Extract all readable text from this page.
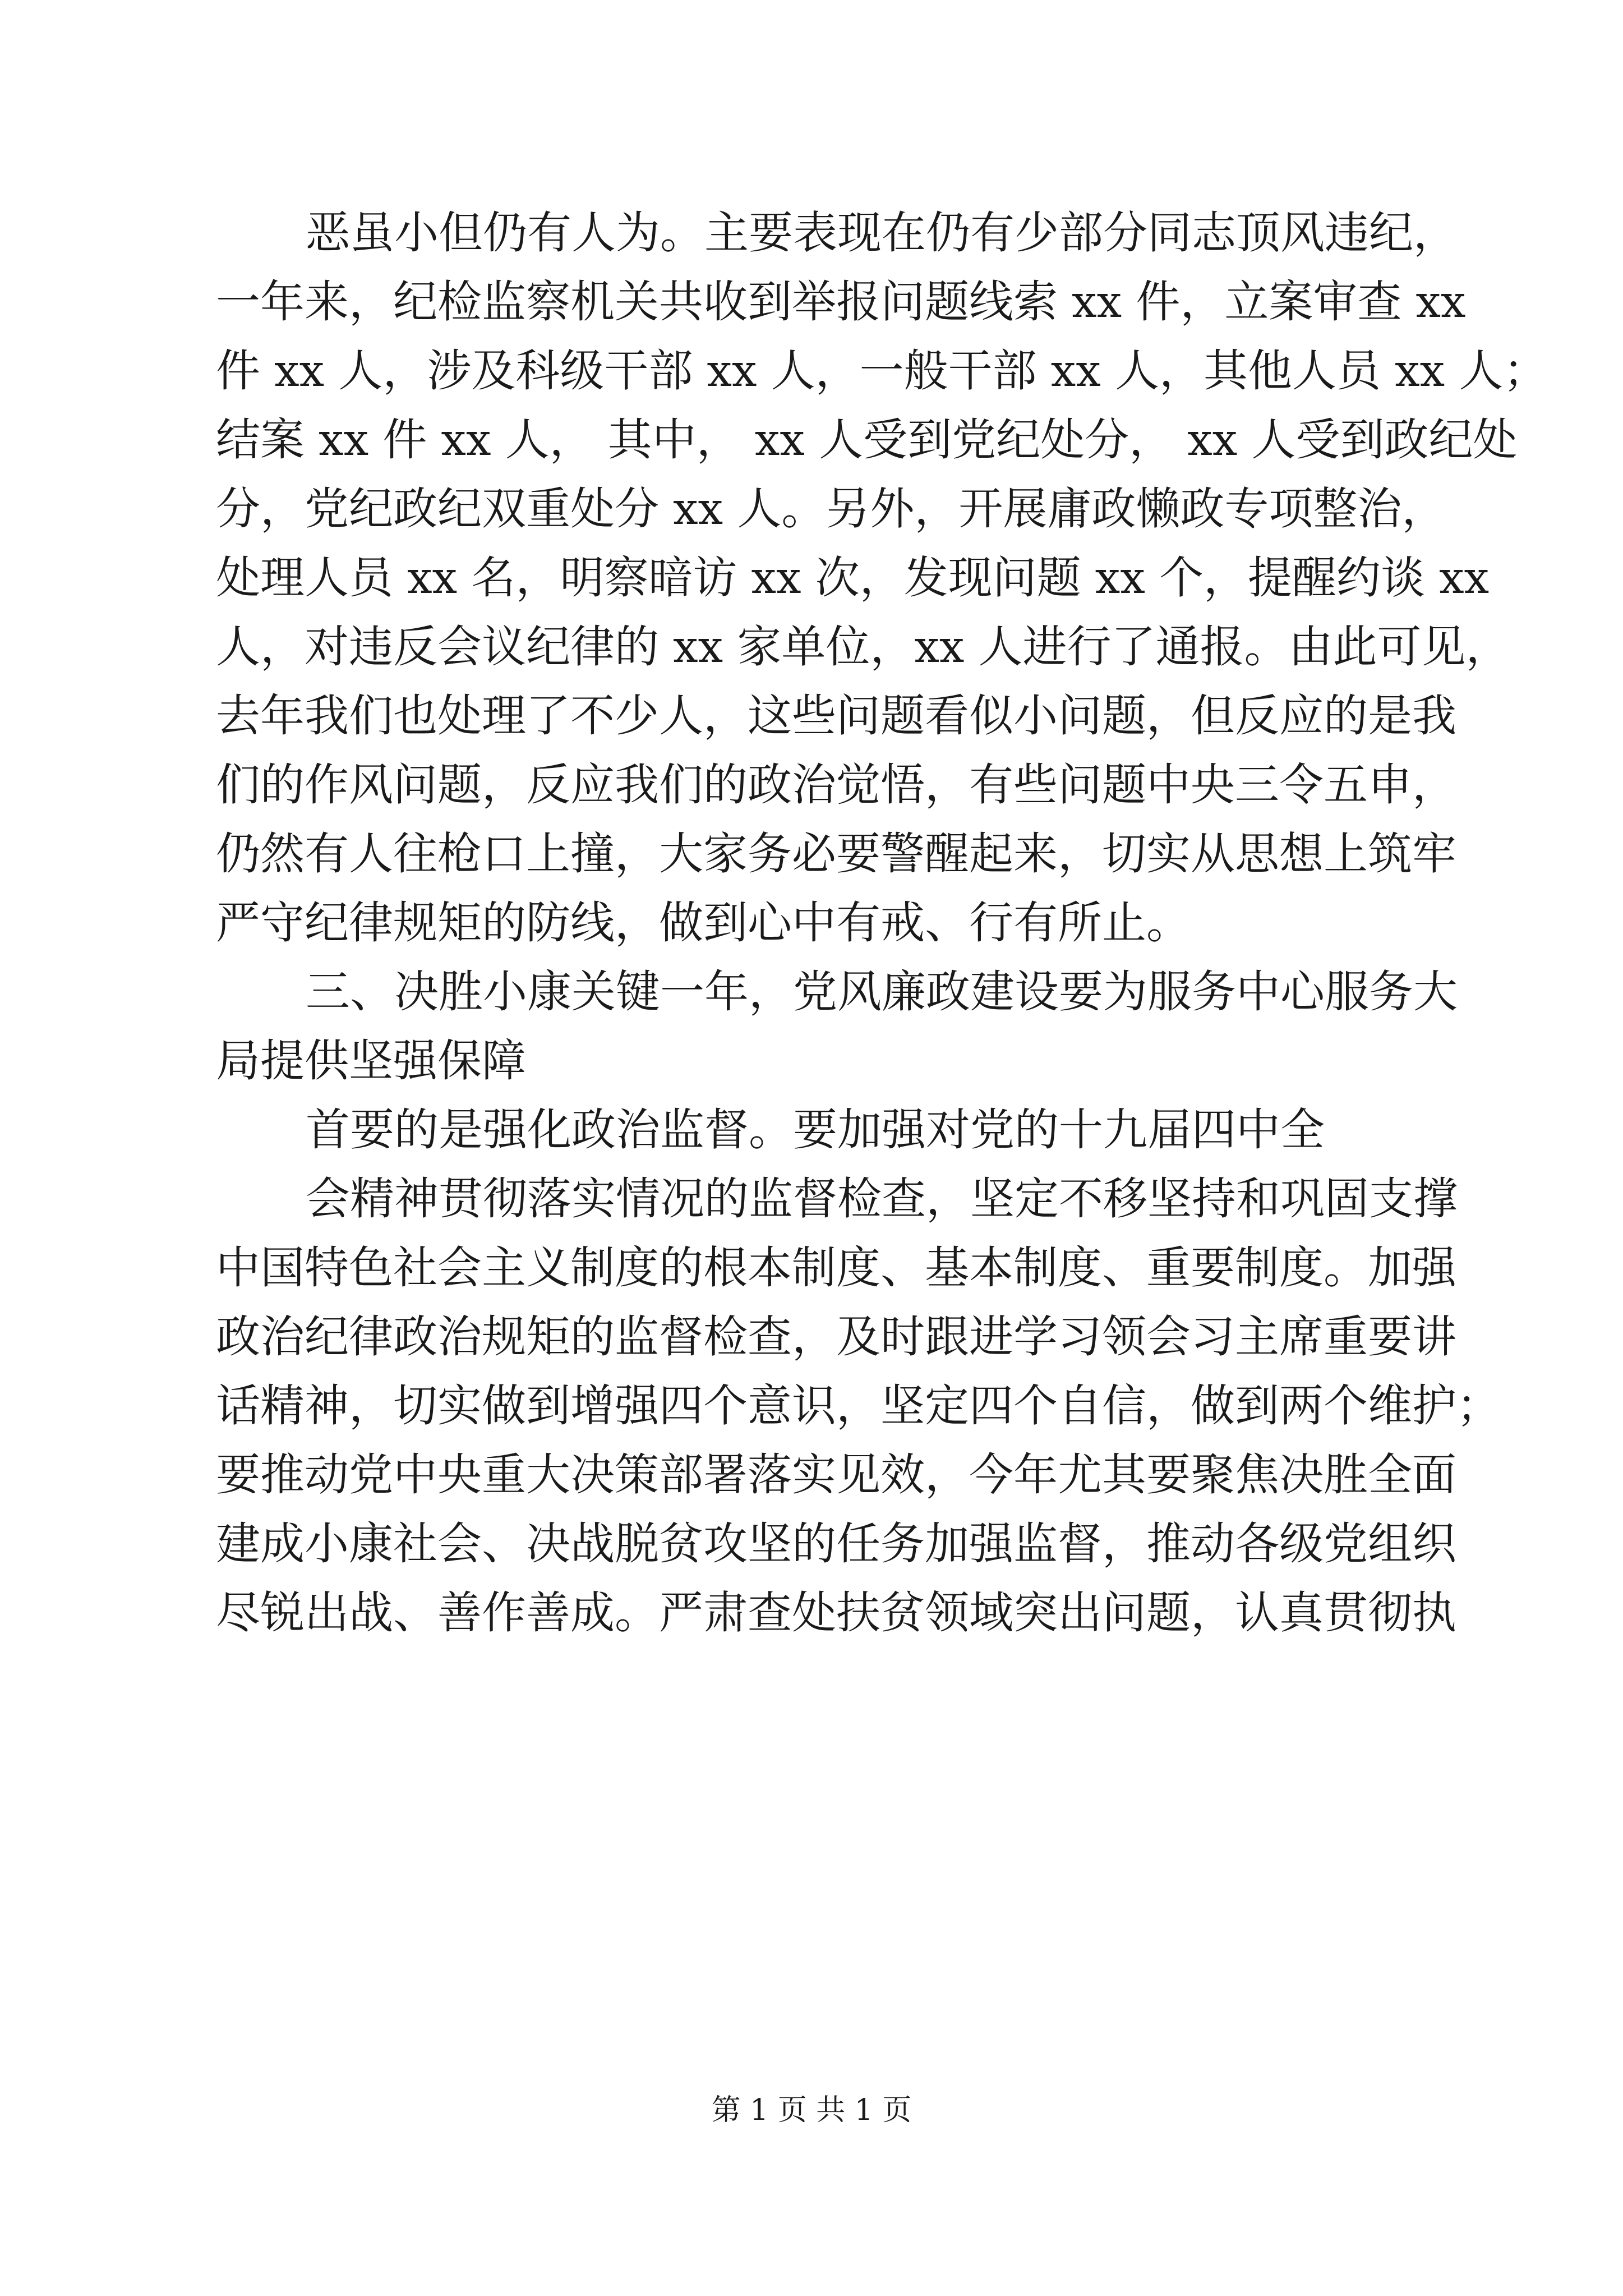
恶虽小但仍有人为。主要表现在仍有少部分同志顶风违纪，
一年来，纪检监察机关共收到举报问题线索 xx 件，立案审查 xx
件 xx 人，涉及科级干部 xx 人，一般干部 xx 人，其他人员 xx 人；
结案 xx 件 xx 人， 其中， xx 人受到党纪处分， xx 人受到政纪处
分，党纪政纪双重处分 xx 人。另外，开展庸政懒政专项整治，
处理人员 xx 名，明察暗访 xx 次，发现问题 xx 个，提醒约谈 xx
人，对违反会议纪律的 xx 家单位，xx 人进行了通报。由此可见，
去年我们也处理了不少人，这些问题看似小问题，但反应的是我
们的作风问题，反应我们的政治觉悟，有些问题中央三令五申，
仍然有人往枪口上撞，大家务必要警醒起来，切实从思想上筑牢
严守纪律规矩的防线，做到心中有戒、行有所止。
三、决胜小康关键一年，党风廉政建设要为服务中心服务大
局提供坚强保障
首要的是强化政治监督。要加强对党的十九届四中全
会精神贯彻落实情况的监督检查，坚定不移坚持和巩固支撑
中国特色社会主义制度的根本制度、基本制度、重要制度。加强
政治纪律政治规矩的监督检查，及时跟进学习领会习主席重要讲
话精神，切实做到增强四个意识，坚定四个自信，做到两个维护；
要推动党中央重大决策部署落实见效，今年尤其要聚焦决胜全面
建成小康社会、决战脱贫攻坚的任务加强监督，推动各级党组织
尽锐出战、善作善成。严肃查处扶贫领域突出问题，认真贯彻执
第 1 页 共 1 页
